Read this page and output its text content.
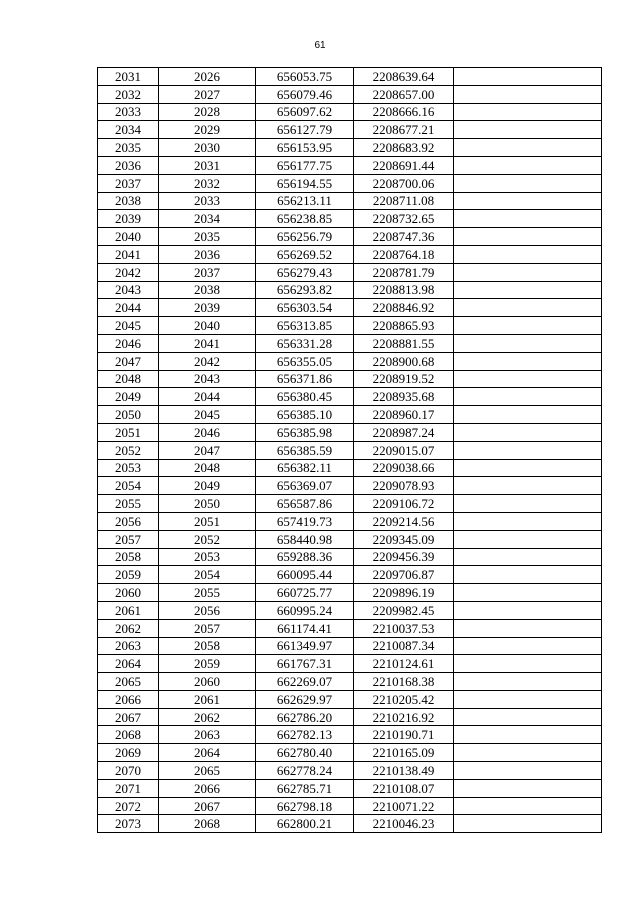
61
2031	2026	656053.75	2208639.64	
2032	2027	656079.46	2208657.00	
2033	2028	656097.62	2208666.16	
2034	2029	656127.79	2208677.21	
2035	2030	656153.95	2208683.92	
2036	2031	656177.75	2208691.44	
2037	2032	656194.55	2208700.06	
2038	2033	656213.11	2208711.08	
2039	2034	656238.85	2208732.65	
2040	2035	656256.79	2208747.36	
2041	2036	656269.52	2208764.18	
2042	2037	656279.43	2208781.79	
2043	2038	656293.82	2208813.98	
2044	2039	656303.54	2208846.92	
2045	2040	656313.85	2208865.93	
2046	2041	656331.28	2208881.55	
2047	2042	656355.05	2208900.68	
2048	2043	656371.86	2208919.52	
2049	2044	656380.45	2208935.68	
2050	2045	656385.10	2208960.17	
2051	2046	656385.98	2208987.24	
2052	2047	656385.59	2209015.07	
2053	2048	656382.11	2209038.66	
2054	2049	656369.07	2209078.93	
2055	2050	656587.86	2209106.72	
2056	2051	657419.73	2209214.56	
2057	2052	658440.98	2209345.09	
2058	2053	659288.36	2209456.39	
2059	2054	660095.44	2209706.87	
2060	2055	660725.77	2209896.19	
2061	2056	660995.24	2209982.45	
2062	2057	661174.41	2210037.53	
2063	2058	661349.97	2210087.34	
2064	2059	661767.31	2210124.61	
2065	2060	662269.07	2210168.38	
2066	2061	662629.97	2210205.42	
2067	2062	662786.20	2210216.92	
2068	2063	662782.13	2210190.71	
2069	2064	662780.40	2210165.09	
2070	2065	662778.24	2210138.49	
2071	2066	662785.71	2210108.07	
2072	2067	662798.18	2210071.22	
2073	2068	662800.21	2210046.23	
